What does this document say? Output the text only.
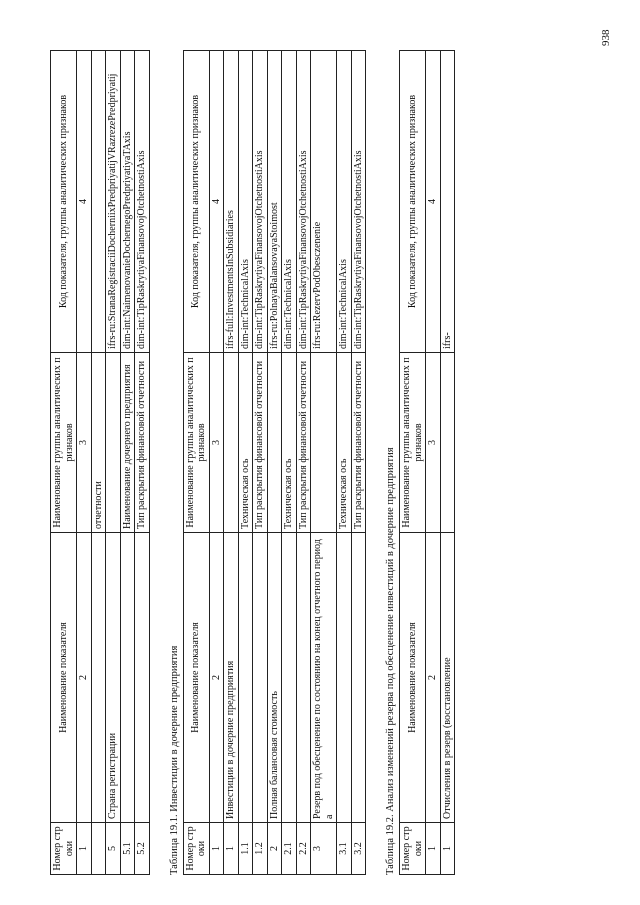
938
Номер строки	Наименование показателя	Наименование группы аналитических признаков	Код показателя, группы аналитических признаков
1	2	3	4
		отчетности	
5	Страна регистрации		ifrs-ru:StranaRegistraciiDocherniixPredpriyatijVRazrezePredpriyatij
5.1		Наименование дочернего предприятия	dim-int:NaimenovanieDochernegoPredpriyatiyaTAxis
5.2		Тип раскрытия финансовой отчетности	dim-int:TipRaskrytiyaFinansovojOtchetnostiAxis
Таблица 19.1. Инвестиции в дочерние предприятия Номер строки	Наименование показателя	Наименование группы аналитических признаков	Код показателя, группы аналитических признаков
1	2	3	4
1	Инвестиции в дочерние предприятия		ifrs-full:InvestmentsInSubsidiaries
1.1		Техническая ось	dim-int:TechnicalAxis
1.2		Тип раскрытия финансовой отчетности	dim-int:TipRaskrytiyaFinansovojOtchetnostiAxis
2	Полная балансовая стоимость		ifrs-ru:PolnayaBalansovayaStoimost
2.1		Техническая ось	dim-int:TechnicalAxis
2.2		Тип раскрытия финансовой отчетности	dim-int:TipRaskrytiyaFinansovojOtchetnostiAxis
3	Резерв под обесценение по состоянию на конец отчетного периода		ifrs-ru:RezervPodObesczenenie
3.1		Техническая ось	dim-int:TechnicalAxis
3.2		Тип раскрытия финансовой отчетности	dim-int:TipRaskrytiyaFinansovojOtchetnostiAxis
Таблица 19.2. Анализ изменений резерва под обесценение инвестиций в дочерние предприятия Номер строки	Наименование показателя	Наименование группы аналитических признаков	Код показателя, группы аналитических признаков
1	2	3	4
1	Отчисления в резерв (восстановление		ifrs-
